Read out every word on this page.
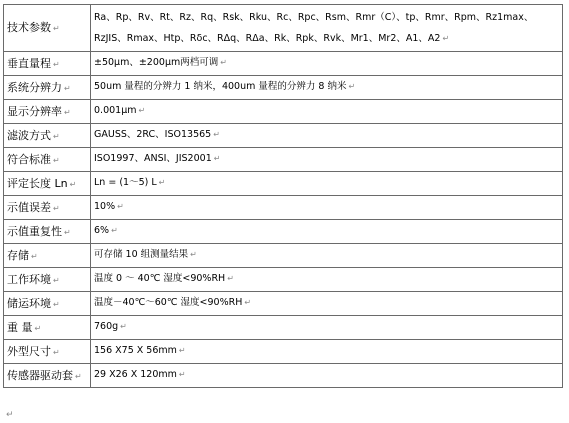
技术参数 ↵	Ra、Rp、Rv、Rt、Rz、Rq、Rsk、Rku、Rc、Rpc、Rsm、Rmr（C）、tp、Rmr、Rpm、Rz1max、RzJIS、Rmax、Htp、Rδc、RΔq、RΔa、Rk、Rpk、Rvk、Mr1、Mr2、A1、A2 ↵
垂直量程 ↵	±50μm、±200μm两档可调 ↵
系统分辨力 ↵	50um 量程的分辨力 1 纳米，400um 量程的分辨力 8 纳米 ↵
显示分辨率 ↵	0.001μm ↵
滤波方式 ↵	GAUSS、2RC、ISO13565 ↵
符合标准 ↵	ISO1997、ANSI、JIS2001 ↵
评定长度 Ln ↵	Ln = (1～5) L ↵
示值误差 ↵	10% ↵
示值重复性 ↵	6% ↵
存储 ↵	可存储 10 组测量结果 ↵
工作环境 ↵	温度 0 ～ 40℃ 湿度<90%RH ↵
储运环境 ↵	温度－40℃～60℃ 湿度<90%RH ↵
重 量 ↵	760g ↵
外型尺寸 ↵	156 X75 X 56mm ↵
传感器驱动套 ↵	29 X26 X 120mm ↵
↵
